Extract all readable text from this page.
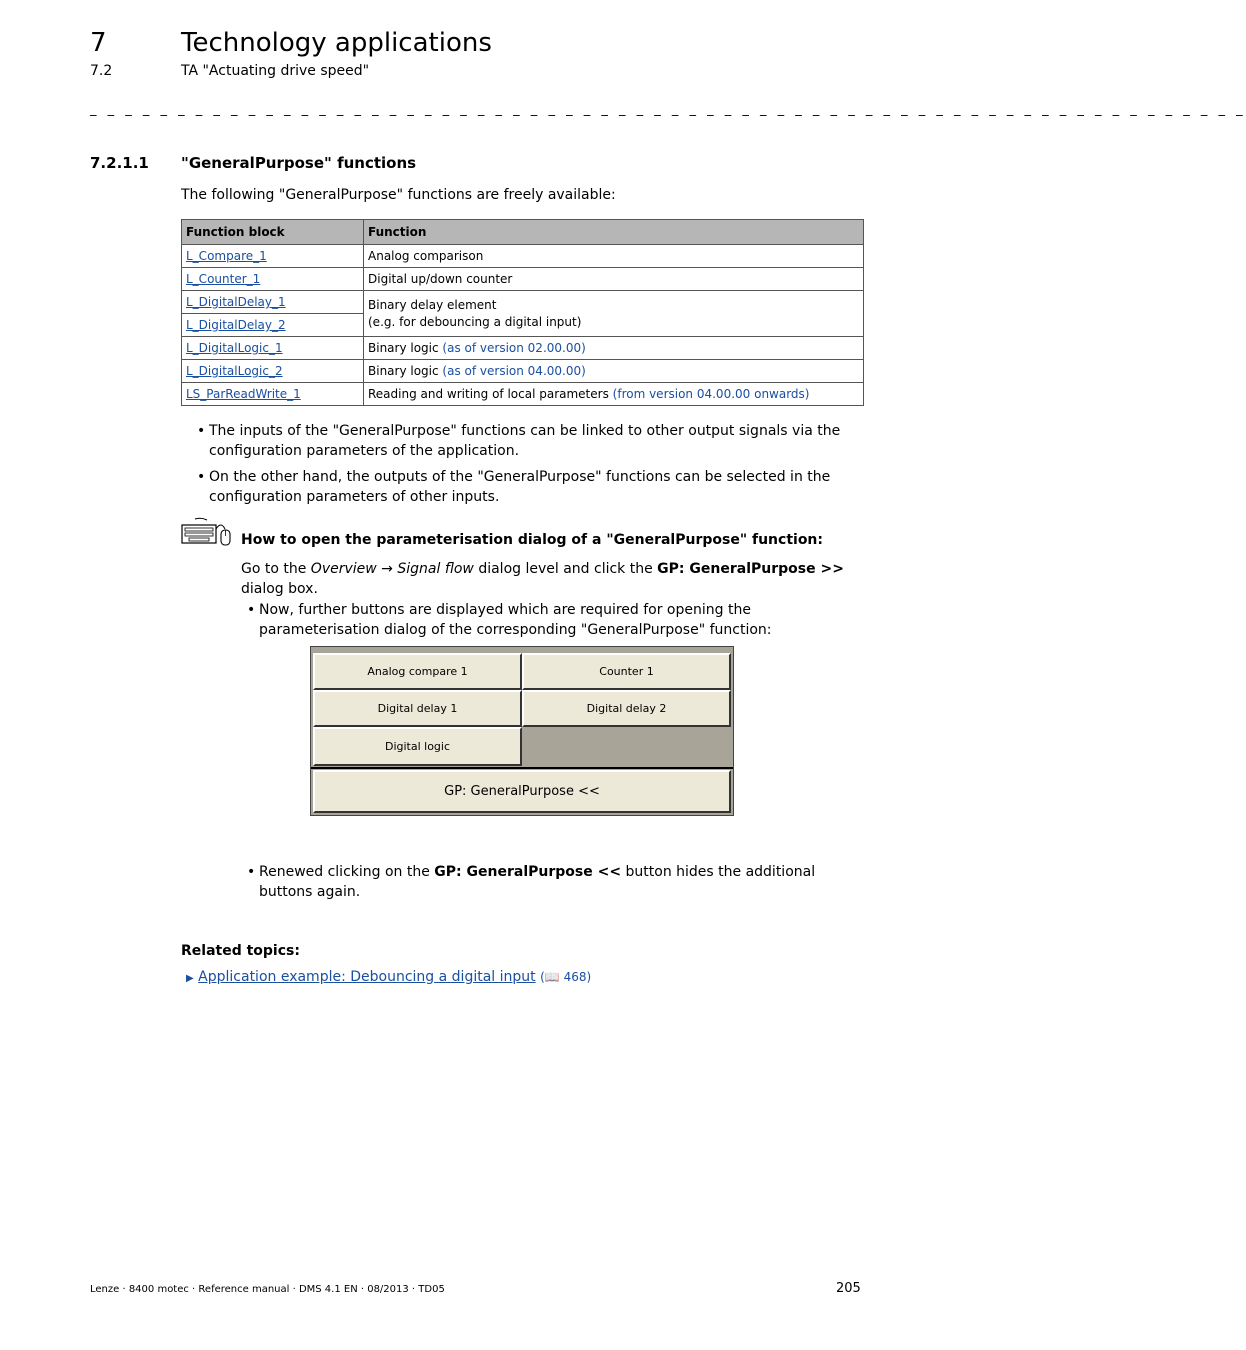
7	Technology applications
7.2	TA "Actuating drive speed"
_ _ _ _ _ _ _ _ _ _ _ _ _ _ _ _ _ _ _ _ _ _ _ _ _ _ _ _ _ _ _ _ _ _ _ _ _ _ _ _ _ _ _ _ _ _ _ _ _ _ _ _ _ _ _ _ _ _ _ _ _ _ _ _ _ _
7.2.1.1 "GeneralPurpose" functions
The following "GeneralPurpose" functions are freely available:
Function block	Function
L_Compare_1	Analog comparison
L_Counter_1	Digital up/down counter
L_DigitalDelay_1	Binary delay element
(e.g. for debouncing a digital input)
L_DigitalDelay_2	
L_DigitalLogic_1	Binary logic (as of version 02.00.00)
L_DigitalLogic_2	Binary logic (as of version 04.00.00)
LS_ParReadWrite_1	Reading and writing of local parameters (from version 04.00.00 onwards)
• The inputs of the "GeneralPurpose" functions can be linked to other output signals via the configuration parameters of the application.
• On the other hand, the outputs of the "GeneralPurpose" functions can be selected in the configuration parameters of other inputs.
How to open the parameterisation dialog of a "GeneralPurpose" function:
Go to the Overview → Signal flow dialog level and click the GP: GeneralPurpose >> dialog box.
• Now, further buttons are displayed which are required for opening the parameterisation dialog of the corresponding "GeneralPurpose" function:
Analog compare 1	Counter 1
Digital delay 1	Digital delay 2
Digital logic
GP: GeneralPurpose <<
• Renewed clicking on the GP: GeneralPurpose << button hides the additional buttons again.
Related topics:
▶ Application example: Debouncing a digital input (📖 468)
Lenze · 8400 motec · Reference manual · DMS 4.1 EN · 08/2013 · TD05	205
